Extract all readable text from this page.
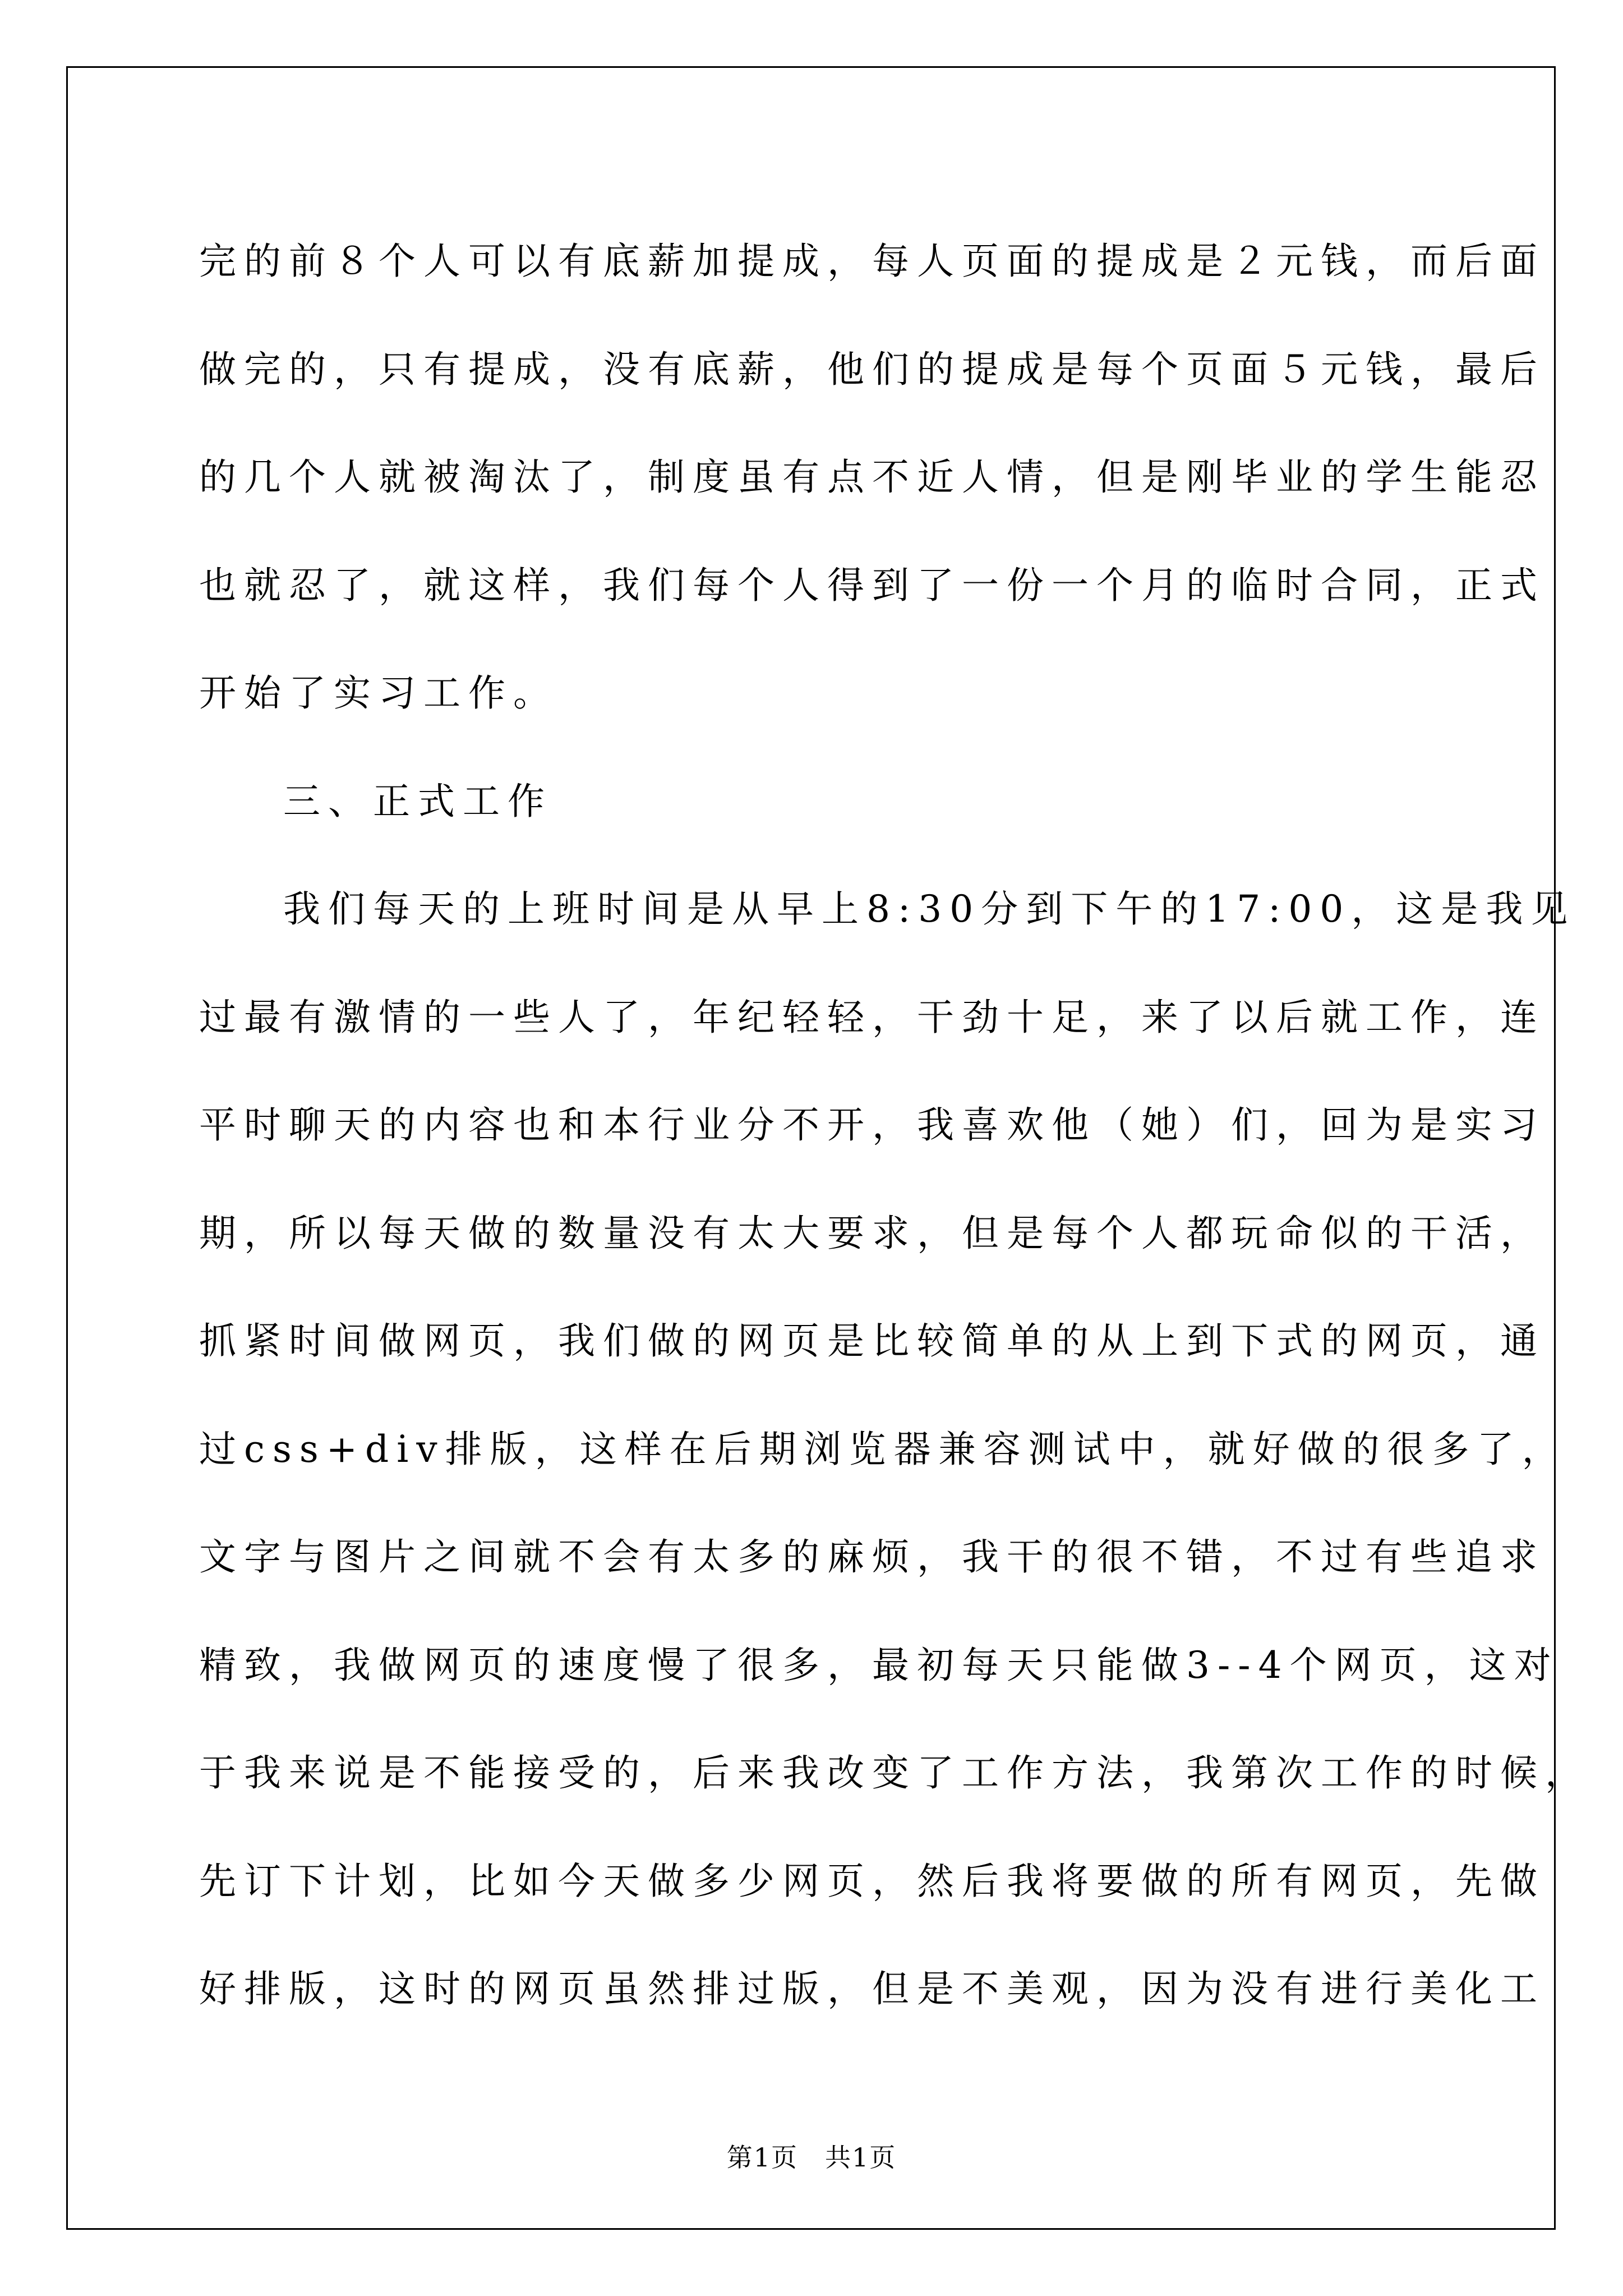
完的前８个人可以有底薪加提成，每人页面的提成是２元钱，而后面
做完的，只有提成，没有底薪，他们的提成是每个页面５元钱，最后
的几个人就被淘汰了，制度虽有点不近人情，但是刚毕业的学生能忍
也就忍了，就这样，我们每个人得到了一份一个月的临时合同，正式
开始了实习工作。
三、正式工作
我们每天的上班时间是从早上8:30分到下午的17:00，这是我见
过最有激情的一些人了，年纪轻轻，干劲十足，来了以后就工作，连
平时聊天的内容也和本行业分不开，我喜欢他（她）们，回为是实习
期，所以每天做的数量没有太大要求，但是每个人都玩命似的干活，
抓紧时间做网页，我们做的网页是比较简单的从上到下式的网页，通
过css+div排版，这样在后期浏览器兼容测试中，就好做的很多了，
文字与图片之间就不会有太多的麻烦，我干的很不错，不过有些追求
精致，我做网页的速度慢了很多，最初每天只能做3--4个网页，这对
于我来说是不能接受的，后来我改变了工作方法，我第次工作的时候，
先订下计划，比如今天做多少网页，然后我将要做的所有网页，先做
好排版，这时的网页虽然排过版，但是不美观，因为没有进行美化工
第1页　共1页
